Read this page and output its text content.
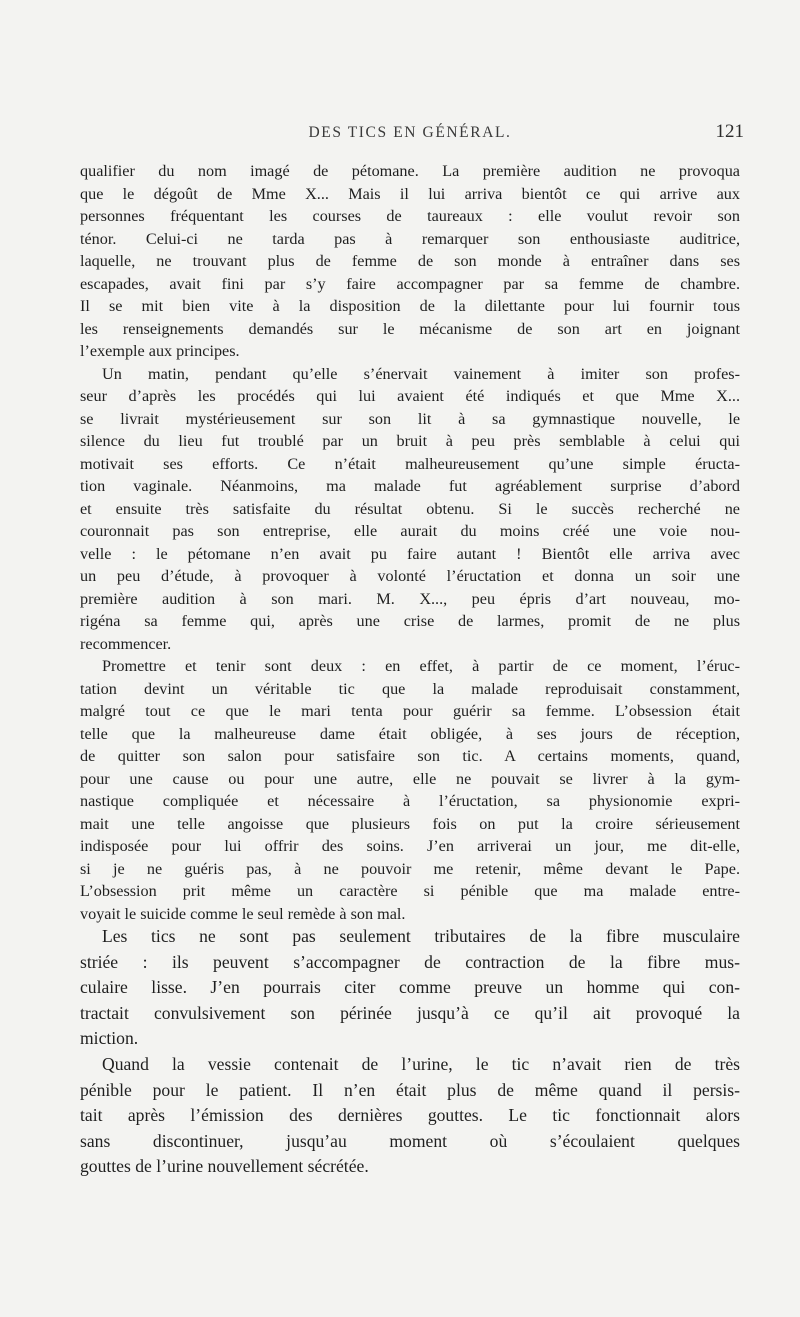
DES TICS EN GÉNÉRAL.	121
qualifier du nom imagé de pétomane. La première audition ne provoqua
que le dégoût de Mme X... Mais il lui arriva bientôt ce qui arrive aux
personnes fréquentant les courses de taureaux : elle voulut revoir son
ténor. Celui-ci ne tarda pas à remarquer son enthousiaste auditrice,
laquelle, ne trouvant plus de femme de son monde à entraîner dans ses
escapades, avait fini par s’y faire accompagner par sa femme de chambre.
Il se mit bien vite à la disposition de la dilettante pour lui fournir tous
les renseignements demandés sur le mécanisme de son art en joignant
l’exemple aux principes.
Un matin, pendant qu’elle s’énervait vainement à imiter son profes-
seur d’après les procédés qui lui avaient été indiqués et que Mme X...
se livrait mystérieusement sur son lit à sa gymnastique nouvelle, le
silence du lieu fut troublé par un bruit à peu près semblable à celui qui
motivait ses efforts. Ce n’était malheureusement qu’une simple éructa-
tion vaginale. Néanmoins, ma malade fut agréablement surprise d’abord
et ensuite très satisfaite du résultat obtenu. Si le succès recherché ne
couronnait pas son entreprise, elle aurait du moins créé une voie nou-
velle : le pétomane n’en avait pu faire autant ! Bientôt elle arriva avec
un peu d’étude, à provoquer à volonté l’éructation et donna un soir une
première audition à son mari. M. X..., peu épris d’art nouveau, mo-
rigéna sa femme qui, après une crise de larmes, promit de ne plus
recommencer.
Promettre et tenir sont deux : en effet, à partir de ce moment, l’éruc-
tation devint un véritable tic que la malade reproduisait constamment,
malgré tout ce que le mari tenta pour guérir sa femme. L’obsession était
telle que la malheureuse dame était obligée, à ses jours de réception,
de quitter son salon pour satisfaire son tic. A certains moments, quand,
pour une cause ou pour une autre, elle ne pouvait se livrer à la gym-
nastique compliquée et nécessaire à l’éructation, sa physionomie expri-
mait une telle angoisse que plusieurs fois on put la croire sérieusement
indisposée pour lui offrir des soins. J’en arriverai un jour, me dit-elle,
si je ne guéris pas, à ne pouvoir me retenir, même devant le Pape.
L’obsession prit même un caractère si pénible que ma malade entre-
voyait le suicide comme le seul remède à son mal.
Les tics ne sont pas seulement tributaires de la fibre musculaire
striée : ils peuvent s’accompagner de contraction de la fibre mus-
culaire lisse. J’en pourrais citer comme preuve un homme qui con-
tractait convulsivement son périnée jusqu’à ce qu’il ait provoqué la
miction.
Quand la vessie contenait de l’urine, le tic n’avait rien de très
pénible pour le patient. Il n’en était plus de même quand il persis-
tait après l’émission des dernières gouttes. Le tic fonctionnait alors
sans discontinuer, jusqu’au moment où s’écoulaient quelques
gouttes de l’urine nouvellement sécrétée.
